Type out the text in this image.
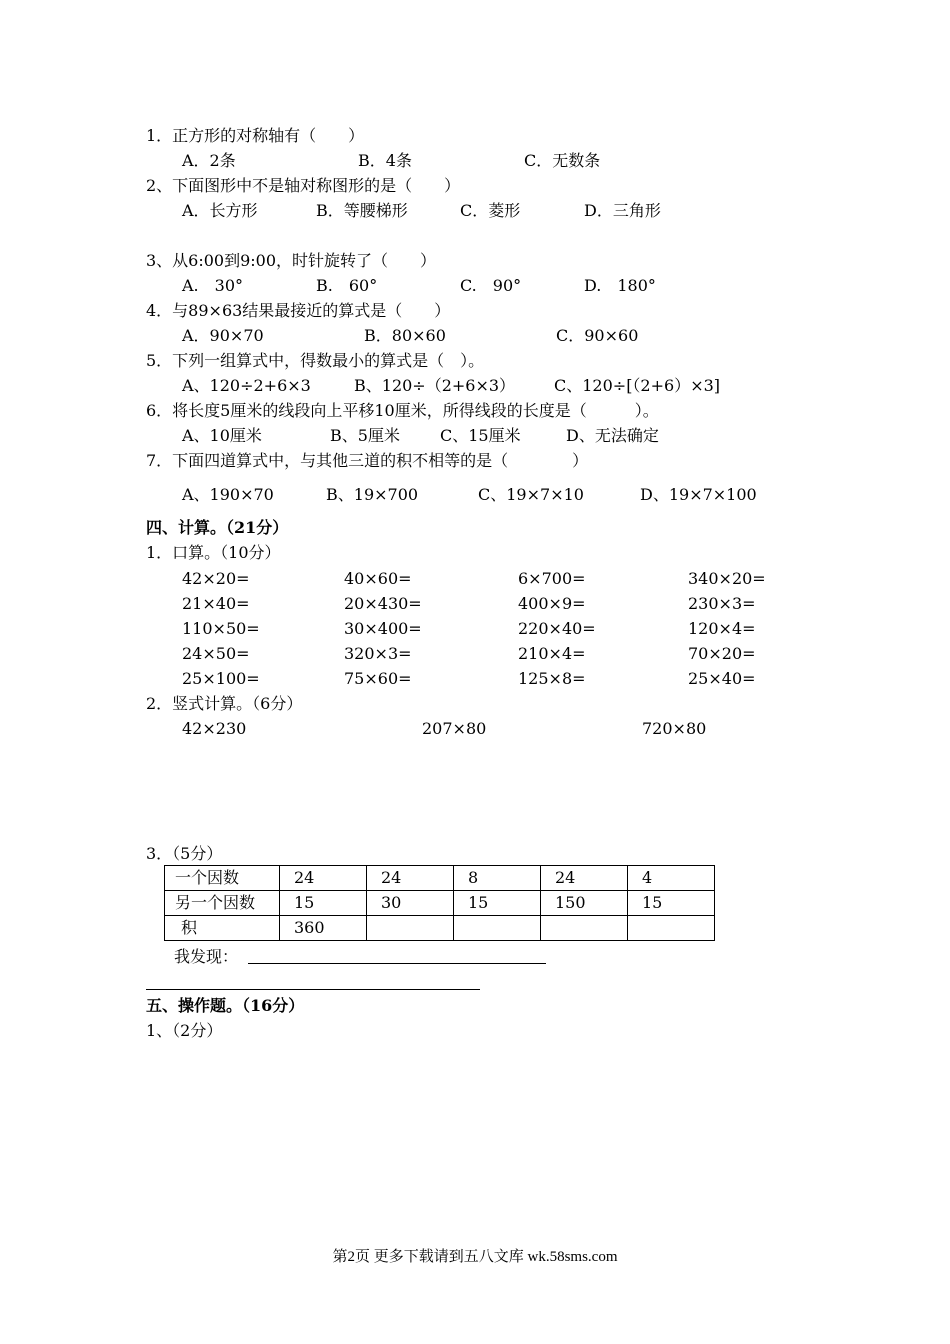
1．正方形的对称轴有（　　）
A．2条	B．4条	C．无数条
2、下面图形中不是轴对称图形的是（　　）
A．长方形	B．等腰梯形	C．菱形	D．三角形
3、从6:00到9:00，时针旋转了（　　）
A.　30°	B.　60°	C.　90°	D.　180°
4．与89×63结果最接近的算式是（　　）
A．90×70	B．80×60	C．90×60
5．下列一组算式中，得数最小的算式是（　）。
A、120÷2+6×3	B、120÷（2+6×3） C、120÷[（2+6）×3]
6．将长度5厘米的线段向上平移10厘米，所得线段的长度是（　　　）。
A、10厘米	B、5厘米	C、15厘米	D、无法确定
7．下面四道算式中，与其他三道的积不相等的是（　　　　）
A、190×70	B、19×700	C、19×7×10	D、19×7×100
四、计算。（21分）
1．口算。（10分）
42×20=	40×60=	6×700=	340×20=
21×40=	20×430=	400×9=	230×3=
110×50=	30×400=	220×40=	120×4=
24×50=	320×3=	210×4=	70×20=
25×100=	75×60=	125×8=	25×40=
2．竖式计算。（6分）
42×230	207×80	720×80
3．（5分）
一个因数	24	24	8	24	4
另一个因数	15	30	15	150	15
积	360				
我发现：
五、操作题。（16分）
1、（2分）
第2页 更多下载请到五八文库 wk.58sms.com
